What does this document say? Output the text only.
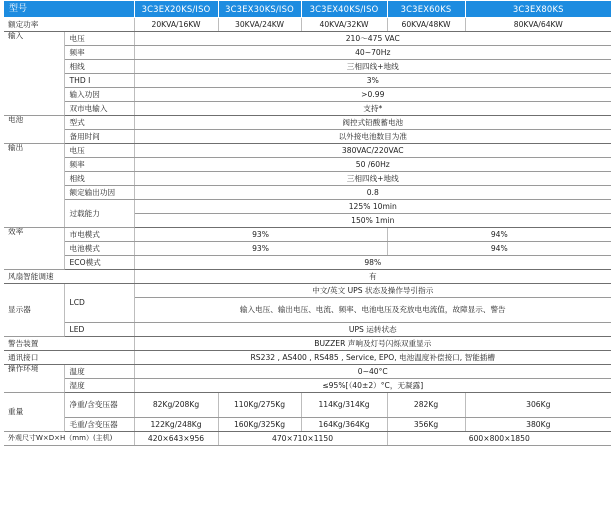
型号		3C3EX20KS/ISO	3C3EX30KS/ISO	3C3EX40KS/ISO	3C3EX60KS	3C3EX80KS
额定功率		20KVA/16KW	30KVA/24KW	40KVA/32KW	60KVA/48KW	80KVA/64KW
输入	电压	210～475 VAC				
	频率	40~70Hz				
	相线	三相四线+地线				
	THD Ⅰ	3%				
	输入功因	>0.99				
	双市电输入	支持*				
电池	型式	阀控式铅酸蓄电池				
	备用时间	以外接电池数目为准				
输出	电压	380VAC/220VAC				
	频率	50 /60Hz				
	相线	三相四线+地线				
	额定输出功因	0.8				
	过载能力	125% 10min				
		150% 1min				
效率	市电模式	93%			94%	
	电池模式	93%			94%	
	ECO模式	98%				
风扇智能调速		有				
显示器	LCD	中文/英文 UPS 状态及操作导引指示				
		输入电压、输出电压、电流、频率、电池电压及充放电电流值，故障显示、警告				
	LED	UPS 运转状态				
警告装置		BUZZER 声响及灯号闪烁双重显示				
通讯接口		RS232 , AS400 , RS485 , Service, EPO, 电池温度补偿接口, 智能插槽				
操作环境	温度	0~40°C				
	湿度	≤95%[（40±2）°C，无凝露]				
重量	净重/含变压器	82Kg/208Kg	110Kg/275Kg	114Kg/314Kg	282Kg	306Kg
	毛重/含变压器	122Kg/248Kg	160Kg/325Kg	164Kg/364Kg	356Kg	380Kg
外观尺寸W×D×H（mm）(主机)		420×643×956	470×710×1150		600×800×1850	
